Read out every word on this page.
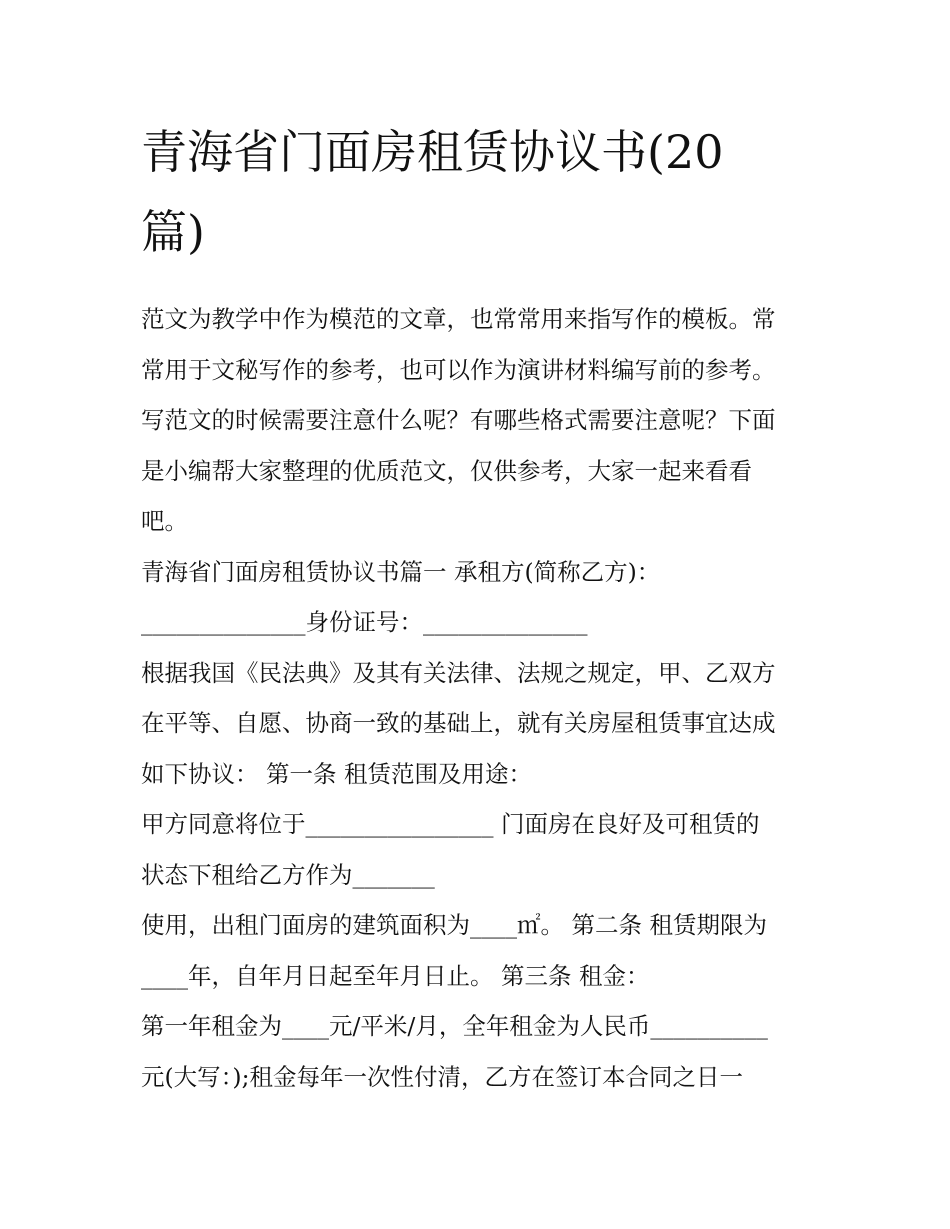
青海省门面房租赁协议书(20
篇)

范文为教学中作为模范的文章，也常常用来指写作的模板。常

常用于文秘写作的参考，也可以作为演讲材料编写前的参考。

写范文的时候需要注意什么呢？有哪些格式需要注意呢？下面

是小编帮大家整理的优质范文，仅供参考，大家一起来看看

吧。

青海省门面房租赁协议书篇一 承租方(简称乙方)：

______________身份证号：______________

根据我国《民法典》及其有关法律、法规之规定，甲、乙双方

在平等、自愿、协商一致的基础上，就有关房屋租赁事宜达成

如下协议： 第一条 租赁范围及用途：

甲方同意将位于________________ 门面房在良好及可租赁的

状态下租给乙方作为_______

使用，出租门面房的建筑面积为____㎡。 第二条 租赁期限为

____年，自年月日起至年月日止。 第三条 租金：

第一年租金为____元/平米/月，全年租金为人民币__________

元(大写：);租金每年一次性付清，乙方在签订本合同之日一
